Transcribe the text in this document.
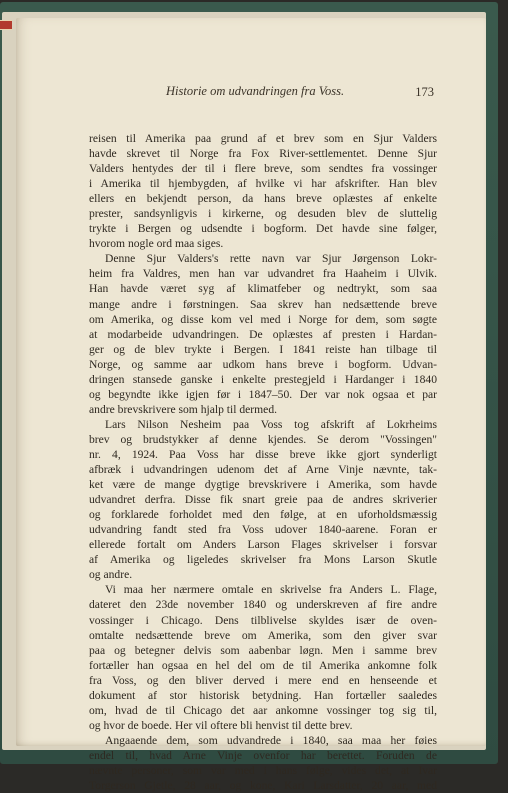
Historie om udvandringen fra Voss.	173

reisen til Amerika paa grund af et brev som en Sjur Valders
havde skrevet til Norge fra Fox River-settlementet. Denne Sjur
Valders hentydes der til i flere breve, som sendtes fra vossinger
i Amerika til hjembygden, af hvilke vi har afskrifter. Han blev
ellers en bekjendt person, da hans breve oplæstes af enkelte
prester, sandsynligvis i kirkerne, og desuden blev de sluttelig
trykte i Bergen og udsendte i bogform. Det havde sine følger,
hvorom nogle ord maa siges.

Denne Sjur Valders's rette navn var Sjur Jørgenson Lokr-
heim fra Valdres, men han var udvandret fra Haaheim i Ulvik.
Han havde været syg af klimatfeber og nedtrykt, som saa
mange andre i førstningen. Saa skrev han nedsættende breve
om Amerika, og disse kom vel med i Norge for dem, som søgte
at modarbeide udvandringen. De oplæstes af presten i Hardan-
ger og de blev trykte i Bergen. I 1841 reiste han tilbage til
Norge, og samme aar udkom hans breve i bogform. Udvan-
dringen stansede ganske i enkelte prestegjeld i Hardanger i 1840
og begyndte ikke igjen før i 1847–50. Der var nok ogsaa et par
andre brevskrivere som hjalp til dermed.

Lars Nilson Nesheim paa Voss tog afskrift af Lokrheims
brev og brudstykker af denne kjendes. Se derom "Vossingen"
nr. 4, 1924. Paa Voss har disse breve ikke gjort synderligt
afbræk i udvandringen udenom det af Arne Vinje nævnte, tak-
ket være de mange dygtige brevskrivere i Amerika, som havde
udvandret derfra. Disse fik snart greie paa de andres skriverier
og forklarede forholdet med den følge, at en uforholdsmæssig
udvandring fandt sted fra Voss udover 1840-aarene. Foran er
ellerede fortalt om Anders Larson Flages skrivelser i forsvar
af Amerika og ligeledes skrivelser fra Mons Larson Skutle
og andre.

Vi maa her nærmere omtale en skrivelse fra Anders L. Flage,
dateret den 23de november 1840 og underskreven af fire andre
vossinger i Chicago. Dens tilblivelse skyldes især de oven-
omtalte nedsættende breve om Amerika, som den giver svar
paa og betegner delvis som aabenbar løgn. Men i samme brev
fortæller han ogsaa en hel del om de til Amerika ankomne folk
fra Voss, og den bliver derved i mere end en henseende et
dokument af stor historisk betydning. Han fortæller saaledes
om, hvad de til Chicago det aar ankomne vossinger tog sig til,
og hvor de boede. Her vil oftere bli henvist til dette brev.

Angaaende dem, som udvandrede i 1840, saa maa her føies
endel til, hvad Arne Vinje ovenfor har berettet. Foruden de
nævnte personer, som var med i hans følge, vides det, at Ivar
Torgerson Gjetle, 28 aar, og kone, Kari Larsdatter, 20 aar, med
